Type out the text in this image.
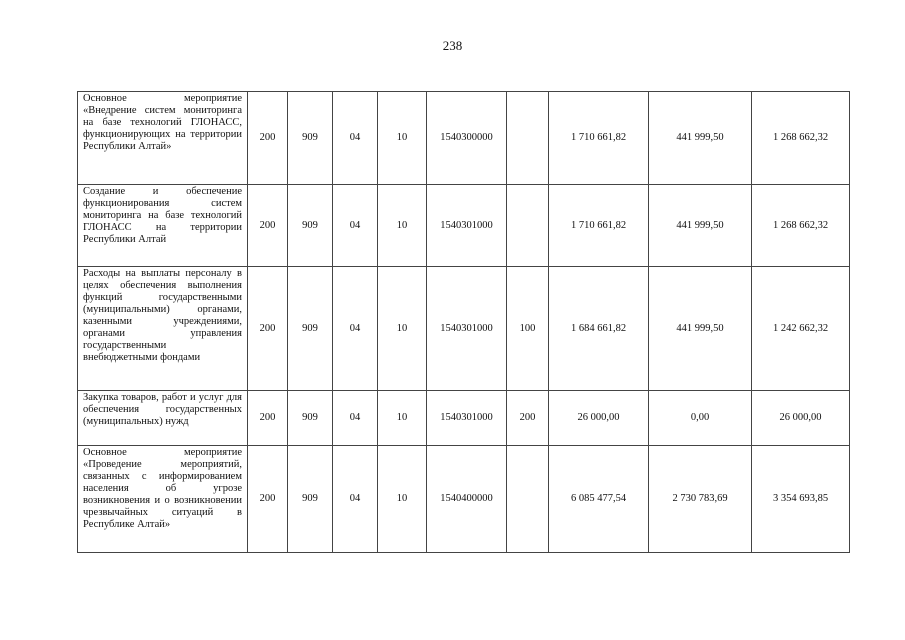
238
Основное мероприятие «Внедрение систем мониторинга на базе технологий ГЛОНАСС, функционирующих на территории Республики Алтай»	200	909	04	10	1540300000		1 710 661,82	441 999,50	1 268 662,32
Создание и обеспечение функционирования систем мониторинга на базе технологий ГЛОНАСС на территории Республики Алтай	200	909	04	10	1540301000		1 710 661,82	441 999,50	1 268 662,32
Расходы на выплаты персоналу в целях обеспечения выполнения функций государственными (муниципальными) органами, казенными учреждениями, органами управления государственными внебюджетными фондами	200	909	04	10	1540301000	100	1 684 661,82	441 999,50	1 242 662,32
Закупка товаров, работ и услуг для обеспечения государственных (муниципальных) нужд	200	909	04	10	1540301000	200	26 000,00	0,00	26 000,00
Основное мероприятие «Проведение мероприятий, связанных с информированием населения об угрозе возникновения и о возникновении чрезвычайных ситуаций в Республике Алтай»	200	909	04	10	1540400000		6 085 477,54	2 730 783,69	3 354 693,85
